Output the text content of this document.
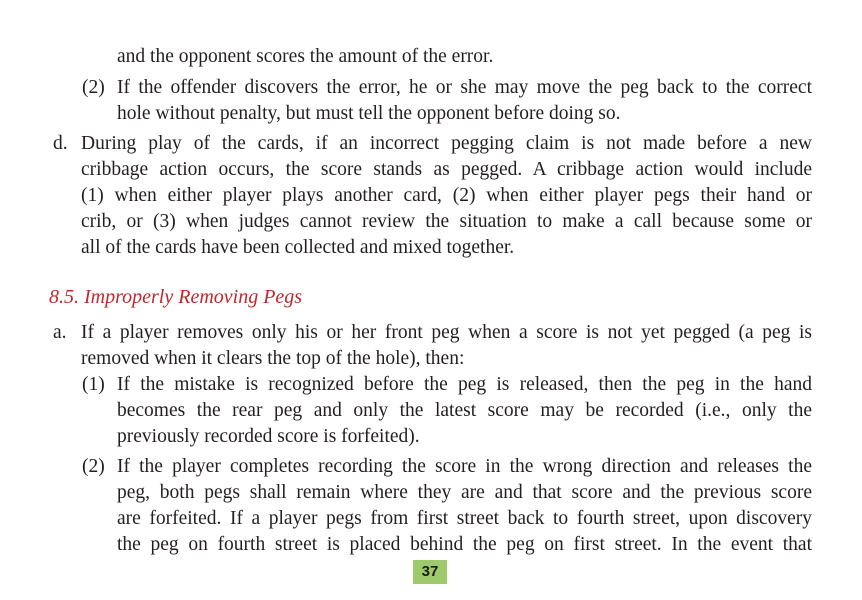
and the opponent scores the amount of the error.
(2) If the offender discovers the error, he or she may move the peg back to the correct
hole without penalty, but must tell the opponent before doing so.
d. During play of the cards, if an incorrect pegging claim is not made before a new
cribbage action occurs, the score stands as pegged. A cribbage action would include
(1) when either player plays another card, (2) when either player pegs their hand or
crib, or (3) when judges cannot review the situation to make a call because some or
all of the cards have been collected and mixed together.
8.5. Improperly Removing Pegs
a. If a player removes only his or her front peg when a score is not yet pegged (a peg is
removed when it clears the top of the hole), then:
(1) If the mistake is recognized before the peg is released, then the peg in the hand
becomes the rear peg and only the latest score may be recorded (i.e., only the
previously recorded score is forfeited).
(2) If the player completes recording the score in the wrong direction and releases the
peg, both pegs shall remain where they are and that score and the previous score
are forfeited. If a player pegs from first street back to fourth street, upon discovery
the peg on fourth street is placed behind the peg on first street. In the event that
37
